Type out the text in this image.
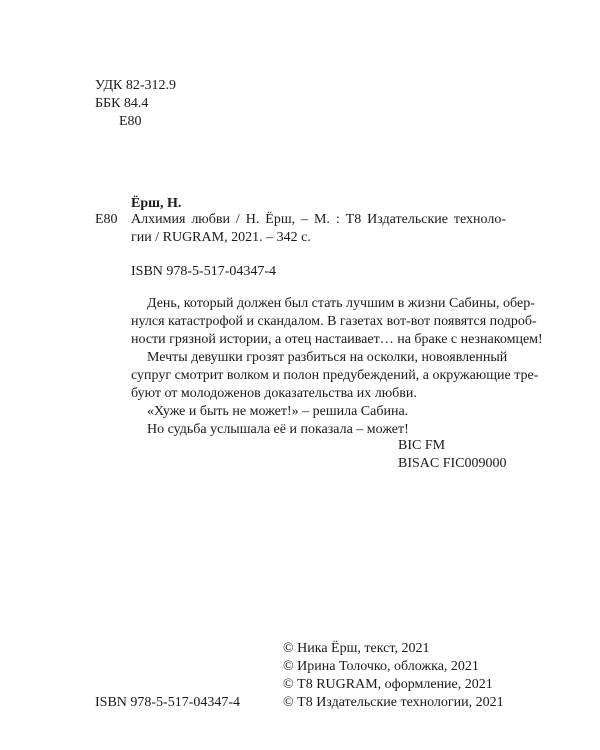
УДК 82-312.9
ББК 84.4
Е80
Ёрш, Н.
Е80 Алхимия любви / Н. Ёрш, – М. : Т8 Издательские техноло-
гии / RUGRAM, 2021. – 342 с.
ISBN 978-5-517-04347-4
День, который должен был стать лучшим в жизни Сабины, обер-
нулся катастрофой и скандалом. В газетах вот-вот появятся подроб-
ности грязной истории, а отец настаивает… на браке с незнакомцем!
Мечты девушки грозят разбиться на осколки, новоявленный
супруг смотрит волком и полон предубеждений, а окружающие тре-
буют от молодоженов доказательства их любви.
«Хуже и быть не может!» – решила Сабина.
Но судьба услышала её и показала – может!
BIC FM
BISAC FIC009000
© Ника Ёрш, текст, 2021
© Ирина Толочко, обложка, 2021
© Т8 RUGRAM, оформление, 2021
© Т8 Издательские технологии, 2021
ISBN 978-5-517-04347-4
